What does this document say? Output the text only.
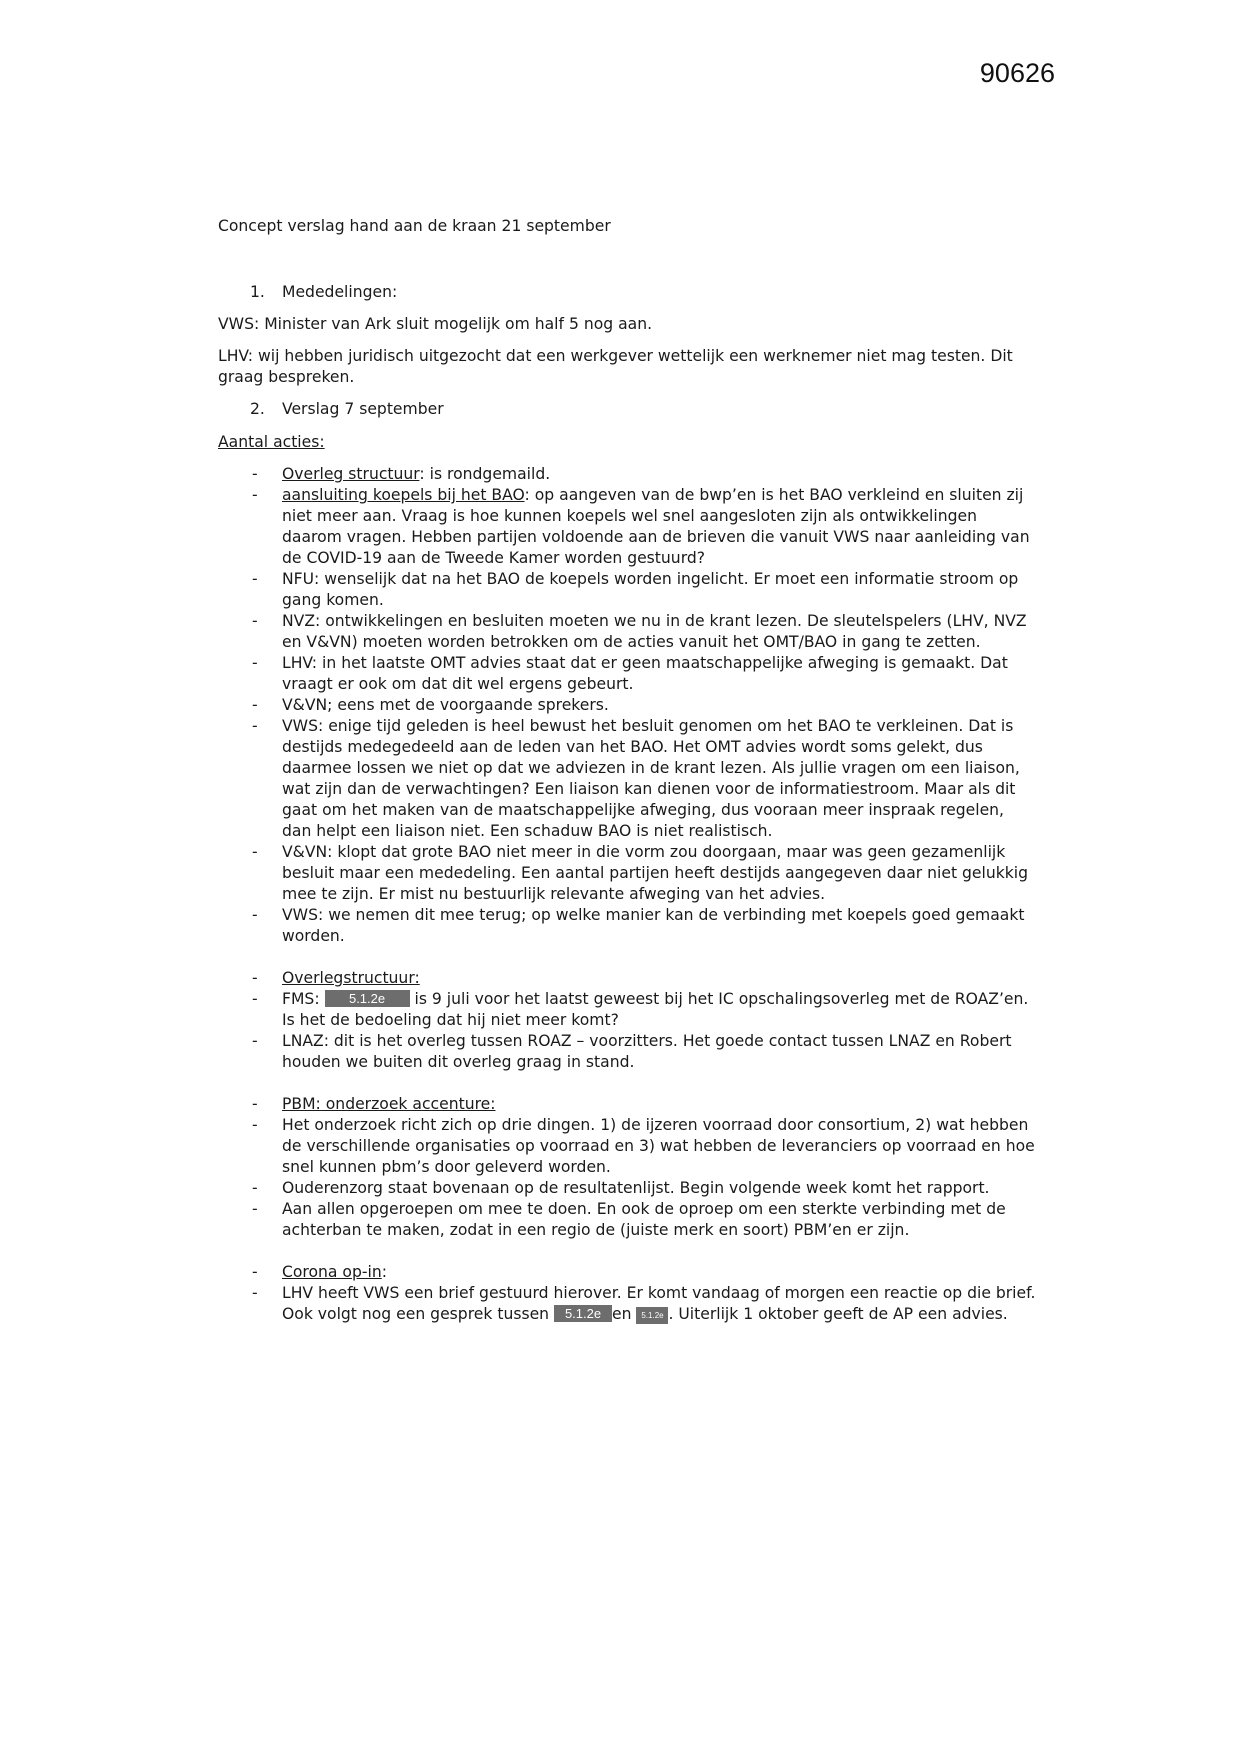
90626

Concept verslag hand aan de kraan 21 september

1. Mededelingen:

VWS: Minister van Ark sluit mogelijk om half 5 nog aan.

LHV: wij hebben juridisch uitgezocht dat een werkgever wettelijk een werknemer niet mag testen. Dit graag bespreken.

2. Verslag 7 september

Aantal acties:

- Overleg structuur: is rondgemaild.

- aansluiting koepels bij het BAO: op aangeven van de bwp’en is het BAO verkleind en sluiten zij niet meer aan. Vraag is hoe kunnen koepels wel snel aangesloten zijn als ontwikkelingen daarom vragen. Hebben partijen voldoende aan de brieven die vanuit VWS naar aanleiding van de COVID-19 aan de Tweede Kamer worden gestuurd?

- NFU: wenselijk dat na het BAO de koepels worden ingelicht. Er moet een informatie stroom op gang komen.

- NVZ: ontwikkelingen en besluiten moeten we nu in de krant lezen. De sleutelspelers (LHV, NVZ en V&VN) moeten worden betrokken om de acties vanuit het OMT/BAO in gang te zetten.

- LHV: in het laatste OMT advies staat dat er geen maatschappelijke afweging is gemaakt. Dat vraagt er ook om dat dit wel ergens gebeurt.

- V&VN; eens met de voorgaande sprekers.

- VWS: enige tijd geleden is heel bewust het besluit genomen om het BAO te verkleinen. Dat is destijds medegedeeld aan de leden van het BAO. Het OMT advies wordt soms gelekt, dus daarmee lossen we niet op dat we adviezen in de krant lezen. Als jullie vragen om een liaison, wat zijn dan de verwachtingen? Een liaison kan dienen voor de informatiestroom. Maar als dit gaat om het maken van de maatschappelijke afweging, dus vooraan meer inspraak regelen, dan helpt een liaison niet. Een schaduw BAO is niet realistisch.

- V&VN: klopt dat grote BAO niet meer in die vorm zou doorgaan, maar was geen gezamenlijk besluit maar een mededeling. Een aantal partijen heeft destijds aangegeven daar niet gelukkig mee te zijn. Er mist nu bestuurlijk relevante afweging van het advies.

- VWS: we nemen dit mee terug; op welke manier kan de verbinding met koepels goed gemaakt worden.

- Overlegstructuur:

- FMS: 5.1.2e is 9 juli voor het laatst geweest bij het IC opschalingsoverleg met de ROAZ’en. Is het de bedoeling dat hij niet meer komt?

- LNAZ: dit is het overleg tussen ROAZ – voorzitters. Het goede contact tussen LNAZ en Robert houden we buiten dit overleg graag in stand.

- PBM: onderzoek accenture:

- Het onderzoek richt zich op drie dingen. 1) de ijzeren voorraad door consortium, 2) wat hebben de verschillende organisaties op voorraad en 3) wat hebben de leveranciers op voorraad en hoe snel kunnen pbm’s door geleverd worden.

- Ouderenzorg staat bovenaan op de resultatenlijst. Begin volgende week komt het rapport.

- Aan allen opgeroepen om mee te doen. En ook de oproep om een sterkte verbinding met de achterban te maken, zodat in een regio de (juiste merk en soort) PBM’en er zijn.

- Corona op-in:

- LHV heeft VWS een brief gestuurd hierover. Er komt vandaag of morgen een reactie op die brief. Ook volgt nog een gesprek tussen 5.1.2e en 5.1.2e . Uiterlijk 1 oktober geeft de AP een advies.
